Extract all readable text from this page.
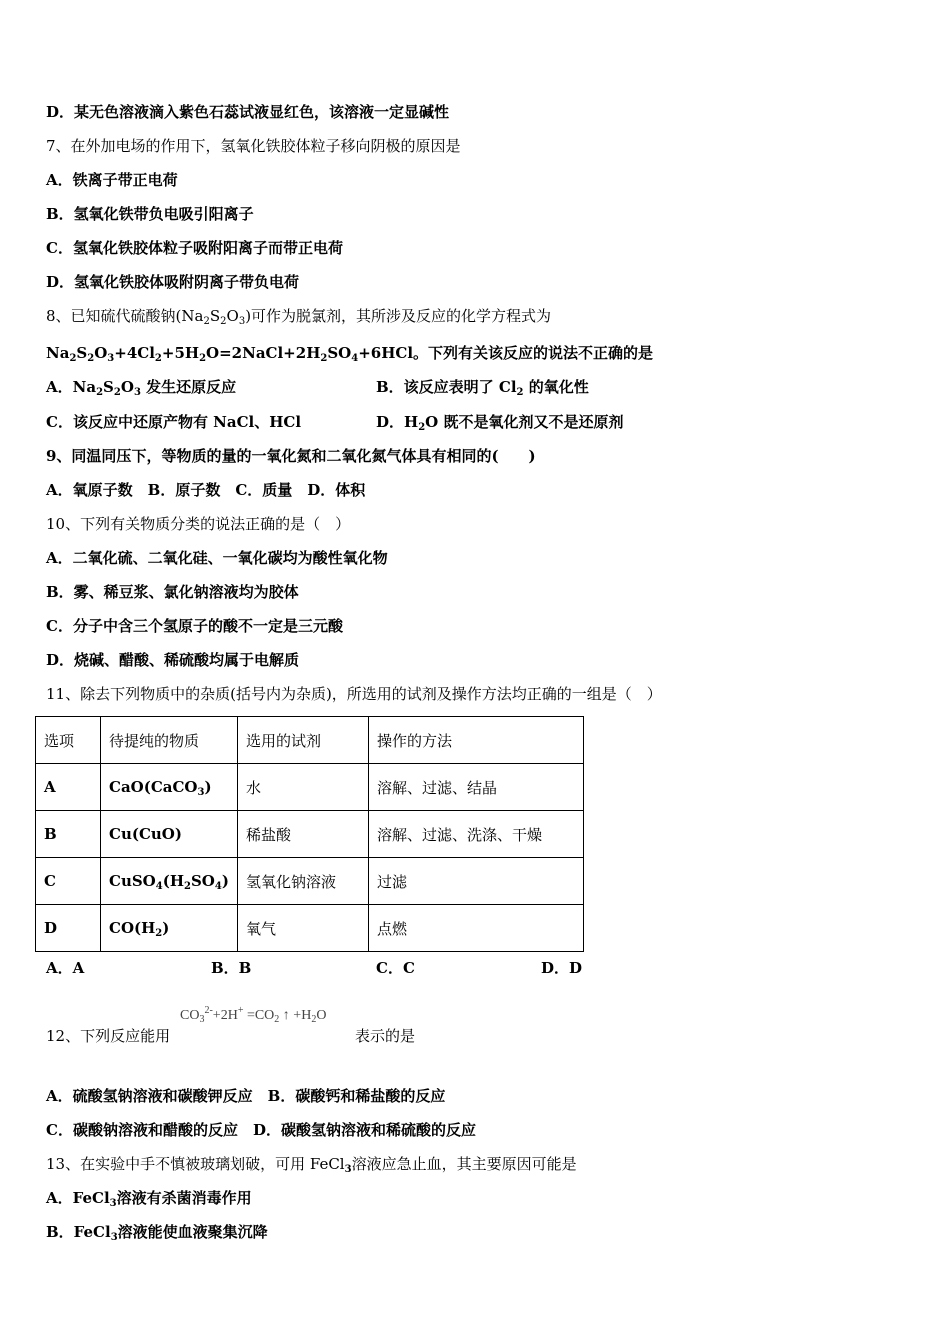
D．某无色溶液滴入紫色石蕊试液显红色，该溶液一定显碱性
7、在外加电场的作用下，氢氧化铁胶体粒子移向阴极的原因是
A．铁离子带正电荷
B．氢氧化铁带负电吸引阳离子
C．氢氧化铁胶体粒子吸附阳离子而带正电荷
D．氢氧化铁胶体吸附阴离子带负电荷
8、已知硫代硫酸钠$(Na_2S_2O_3)$可作为脱氯剂，其所涉及反应的化学方程式为
$Na_2S_2O_3+4Cl_2+5H_2O=2NaCl+2H_2SO_4+6HCl$。下列有关该反应的说法不正确的是
A．$Na_2S_2O_3$ 发生还原反应	B．该反应表明了 $Cl_2$ 的氧化性
C．该反应中还原产物有 NaCl、HCl	D．$H_2O$ 既不是氧化剂又不是还原剂
9、同温同压下，等物质的量的一氧化氮和二氧化氮气体具有相同的(　　)
A．氧原子数　B．原子数　C．质量　D．体积
10、下列有关物质分类的说法正确的是（　）
A．二氧化硫、二氧化硅、一氧化碳均为酸性氧化物
B．雾、稀豆浆、氯化钠溶液均为胶体
C．分子中含三个氢原子的酸不一定是三元酸
D．烧碱、醋酸、稀硫酸均属于电解质
11、除去下列物质中的杂质(括号内为杂质)，所选用的试剂及操作方法均正确的一组是（　）
选项	待提纯的物质	选用的试剂	操作的方法
A	CaO(CaCO$_3$)	水	溶解、过滤、结晶
B	Cu(CuO)	稀盐酸	溶解、过滤、洗涤、干燥
C	$CuSO_4(H_2SO_4)$	氢氧化钠溶液	过滤
D	$CO(H_2)$	氧气	点燃
A．A	B．B	C．C	D．D
$CO_3^{2-}+2H^+ =CO_2$ ↑ $+H_2O$
12、下列反应能用	表示的是
A．硫酸氢钠溶液和碳酸钾反应　B．碳酸钙和稀盐酸的反应
C．碳酸钠溶液和醋酸的反应　D．碳酸氢钠溶液和稀硫酸的反应
13、在实验中手不慎被玻璃划破，可用 FeCl$_3$溶液应急止血，其主要原因可能是
A．FeCl$_3$溶液有杀菌消毒作用
B．FeCl$_3$溶液能使血液聚集沉降
